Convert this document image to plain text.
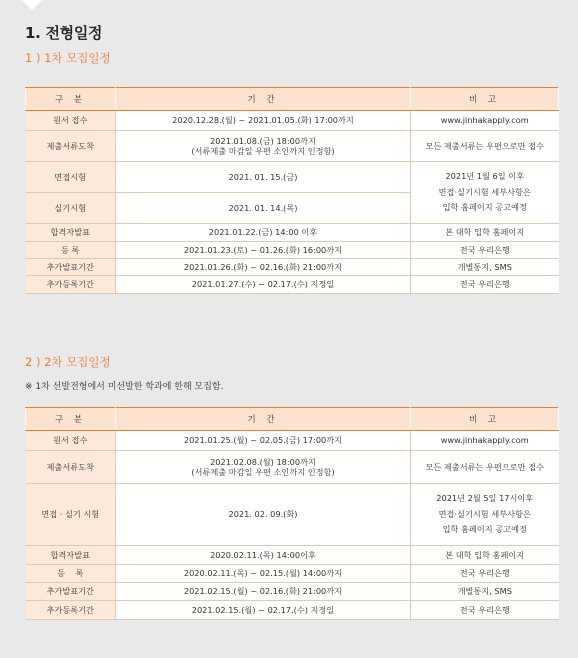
1. 전형일정

1 ) 1차 모집일정

구 분	기 간	비 고
원서 접수	2020.12.28.(월) ~ 2021.01.05.(화) 17:00까지	www.jinhakapply.com
제출서류도착	2021.01.08.(금) 18:00까지
(서류제출 마감일 우편 소인까지 인정함)	모든 제출서류는 우편으로만 접수
면접시험	2021. 01. 15.(금)	2021년 1월 6일 이후
면접·실기시험 세부사항은
입학 홈페이지 공고예정
실기시험	2021. 01. 14.(목)	
합격자발표	2021.01.22.(금) 14:00 이후	본 대학 입학 홈페이지
등 록	2021.01.23.(토) ~ 01.26.(화) 16:00까지	전국 우리은행
추가발표기간	2021.01.26.(화) ~ 02.16.(화) 21:00까지	개별통지, SMS
추가등록기간	2021.01.27.(수) ~ 02.17.(수) 지정일	전국 우리은행

2 ) 2차 모집일정

※ 1차 선발전형에서 미선발한 학과에 한해 모집함.

구 분	기 간	비 고
원서 접수	2021.01.25.(월) ~ 02.05.(금) 17:00까지	www.jinhakapply.com
제출서류도착	2021.02.08.(월) 18:00까지
(서류제출 마감일 우편 소인까지 인정함)	모든 제출서류는 우편으로만 접수
면접 · 실기 시험	2021. 02. 09.(화)	2021년 2월 5일 17시이후
면접·실기시험 세부사항은
입학 홈페이지 공고예정
합격자발표	2020.02.11.(목) 14:00이후	본 대학 입학 홈페이지
등    록	2020.02.11.(목) ~ 02.15.(월) 14:00까지	전국 우리은행
추가발표기간	2021.02.15.(월) ~ 02.16.(화) 21:00까지	개별통지, SMS
추가등록기간	2021.02.15.(월) ~ 02.17.(수) 지정일	전국 우리은행
